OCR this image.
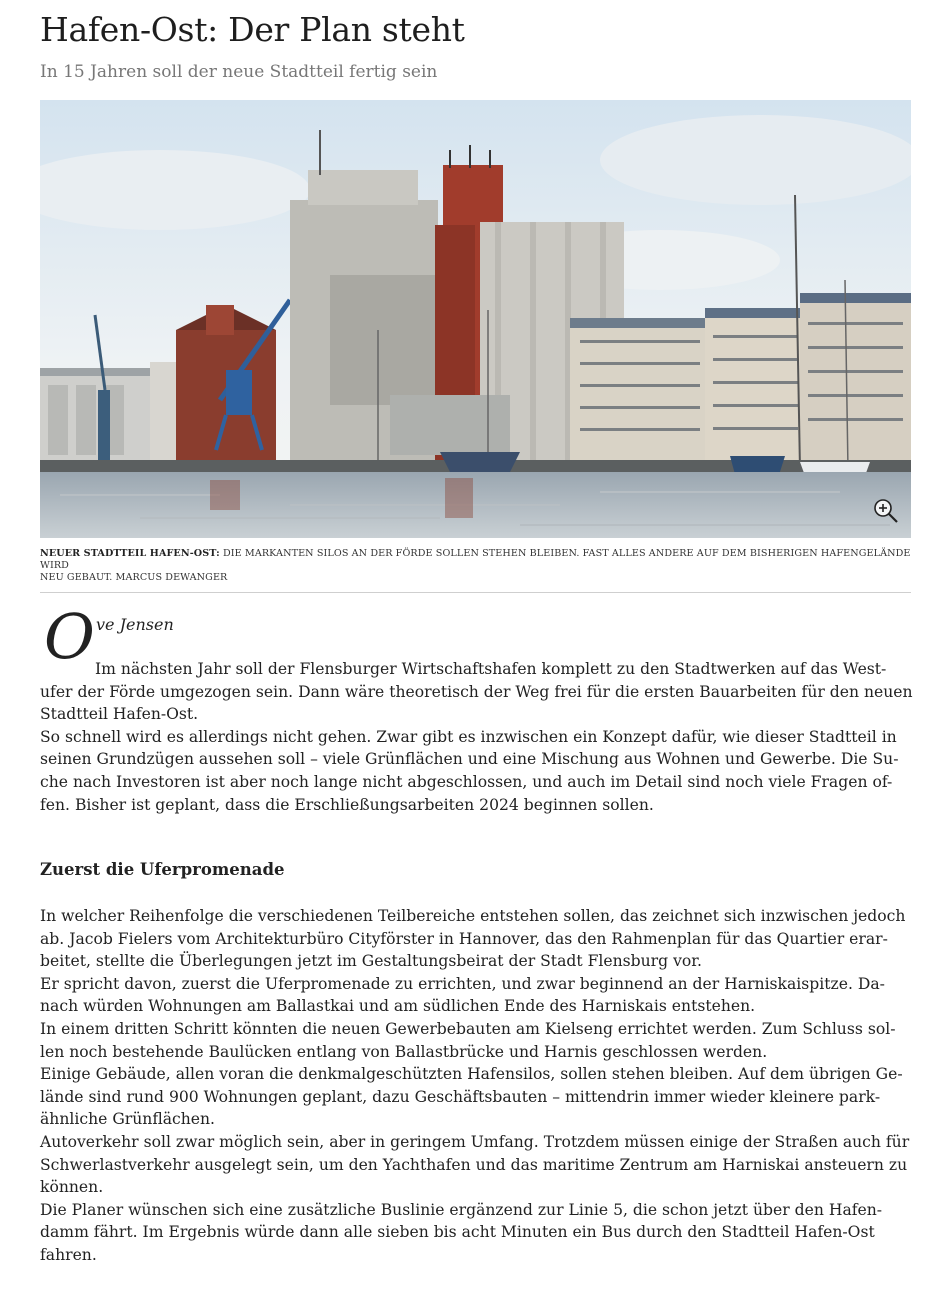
Hafen-Ost: Der Plan steht
In 15 Jahren soll der neue Stadtteil fertig sein
NEUER STADTTEIL HAFEN-OST: DIE MARKANTEN SILOS AN DER FÖRDE SOLLEN STEHEN BLEIBEN. FAST ALLES ANDERE AUF DEM BISHERIGEN HAFENGELÄNDE WIRD
NEU GEBAUT. MARCUS DEWANGER
O ve Jensen

Im nächsten Jahr soll der Flensburger Wirtschaftshafen komplett zu den Stadtwerken auf das West-
ufer der Förde umgezogen sein. Dann wäre theoretisch der Weg frei für die ersten Bauarbeiten für den neuen
Stadtteil Hafen-Ost.
So schnell wird es allerdings nicht gehen. Zwar gibt es inzwischen ein Konzept dafür, wie dieser Stadtteil in
seinen Grundzügen aussehen soll – viele Grünflächen und eine Mischung aus Wohnen und Gewerbe. Die Su-
che nach Investoren ist aber noch lange nicht abgeschlossen, und auch im Detail sind noch viele Fragen of-
fen. Bisher ist geplant, dass die Erschließungsarbeiten 2024 beginnen sollen.

Zuerst die Uferpromenade

In welcher Reihenfolge die verschiedenen Teilbereiche entstehen sollen, das zeichnet sich inzwischen jedoch
ab. Jacob Fielers vom Architekturbüro Cityförster in Hannover, das den Rahmenplan für das Quartier erar-
beitet, stellte die Überlegungen jetzt im Gestaltungsbeirat der Stadt Flensburg vor.
Er spricht davon, zuerst die Uferpromenade zu errichten, und zwar beginnend an der Harniskaispitze. Da-
nach würden Wohnungen am Ballastkai und am südlichen Ende des Harniskais entstehen.
In einem dritten Schritt könnten die neuen Gewerbebauten am Kielseng errichtet werden. Zum Schluss sol-
len noch bestehende Baulücken entlang von Ballastbrücke und Harnis geschlossen werden.
Einige Gebäude, allen voran die denkmalgeschützten Hafensilos, sollen stehen bleiben. Auf dem übrigen Ge-
lände sind rund 900 Wohnungen geplant, dazu Geschäftsbauten – mittendrin immer wieder kleinere park-
ähnliche Grünflächen.
Autoverkehr soll zwar möglich sein, aber in geringem Umfang. Trotzdem müssen einige der Straßen auch für
Schwerlastverkehr ausgelegt sein, um den Yachthafen und das maritime Zentrum am Harniskai ansteuern zu
können.
Die Planer wünschen sich eine zusätzliche Buslinie ergänzend zur Linie 5, die schon jetzt über den Hafen-
damm fährt. Im Ergebnis würde dann alle sieben bis acht Minuten ein Bus durch den Stadtteil Hafen-Ost
fahren.
